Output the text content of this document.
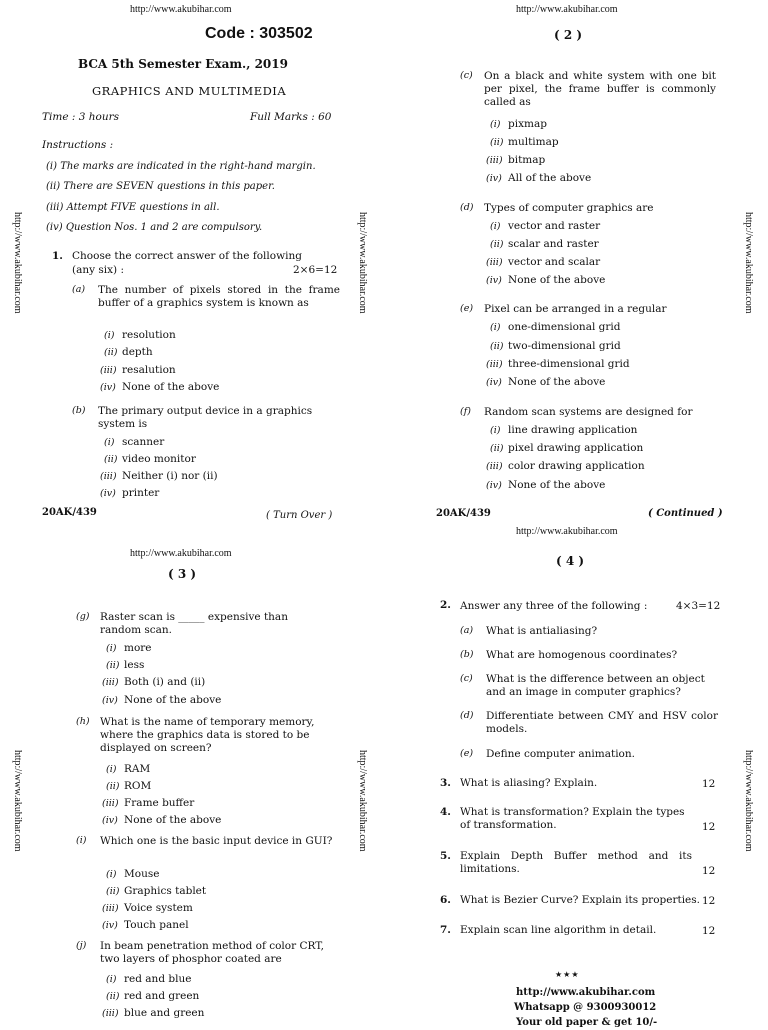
http://www.akubihar.com
Code : 303502
BCA 5th Semester Exam., 2019
GRAPHICS AND MULTIMEDIA
Time : 3 hours	Full Marks : 60
Instructions :
(i) The marks are indicated in the right-hand margin.
(ii) There are SEVEN questions in this paper.
(iii) Attempt FIVE questions in all.
(iv) Question Nos. 1 and 2 are compulsory.
1. Choose the correct answer of the following
(any six) :	2×6=12
(a) The number of pixels stored in the frame buffer of a graphics system is known as
(i) resolution
(ii) depth
(iii) resalution
(iv) None of the above
(b) The primary output device in a graphics system is
(i) scanner
(ii) video monitor
(iii) Neither (i) nor (ii)
(iv) printer
20AK/439	( Turn Over )
http://www.akubihar.com	http://www.akubihar.com
http://www.akubihar.com
( 2 )
(c) On a black and white system with one bit per pixel, the frame buffer is commonly called as
(i) pixmap
(ii) multimap
(iii) bitmap
(iv) All of the above
(d) Types of computer graphics are
(i) vector and raster
(ii) scalar and raster
(iii) vector and scalar
(iv) None of the above
(e) Pixel can be arranged in a regular
(i) one-dimensional grid
(ii) two-dimensional grid
(iii) three-dimensional grid
(iv) None of the above
(f) Random scan systems are designed for
(i) line drawing application
(ii) pixel drawing application
(iii) color drawing application
(iv) None of the above
20AK/439	( Continued )
http://www.akubihar.com
http://www.akubihar.com
( 3 )
(g) Raster scan is _____ expensive than random scan.
(i) more
(ii) less
(iii) Both (i) and (ii)
(iv) None of the above
(h) What is the name of temporary memory, where the graphics data is stored to be displayed on screen?
(i) RAM
(ii) ROM
(iii) Frame buffer
(iv) None of the above
(i) Which one is the basic input device in GUI?
(i) Mouse
(ii) Graphics tablet
(iii) Voice system
(iv) Touch panel
(j) In beam penetration method of color CRT, two layers of phosphor coated are
(i) red and blue
(ii) red and green
(iii) blue and green
http://www.akubihar.com	http://www.akubihar.com
http://www.akubihar.com
( 4 )
2. Answer any three of the following :	4×3=12
(a) What is antialiasing?
(b) What are homogenous coordinates?
(c) What is the difference between an object and an image in computer graphics?
(d) Differentiate between CMY and HSV color models.
(e) Define computer animation.
3. What is aliasing? Explain.	12
4. What is transformation? Explain the types of transformation.	12
5. Explain Depth Buffer method and its limitations.	12
6. What is Bezier Curve? Explain its properties. 12
7. Explain scan line algorithm in detail.	12
★★★
http://www.akubihar.com
Whatsapp @ 9300930012
Your old paper & get 10/-
http://www.akubihar.com
